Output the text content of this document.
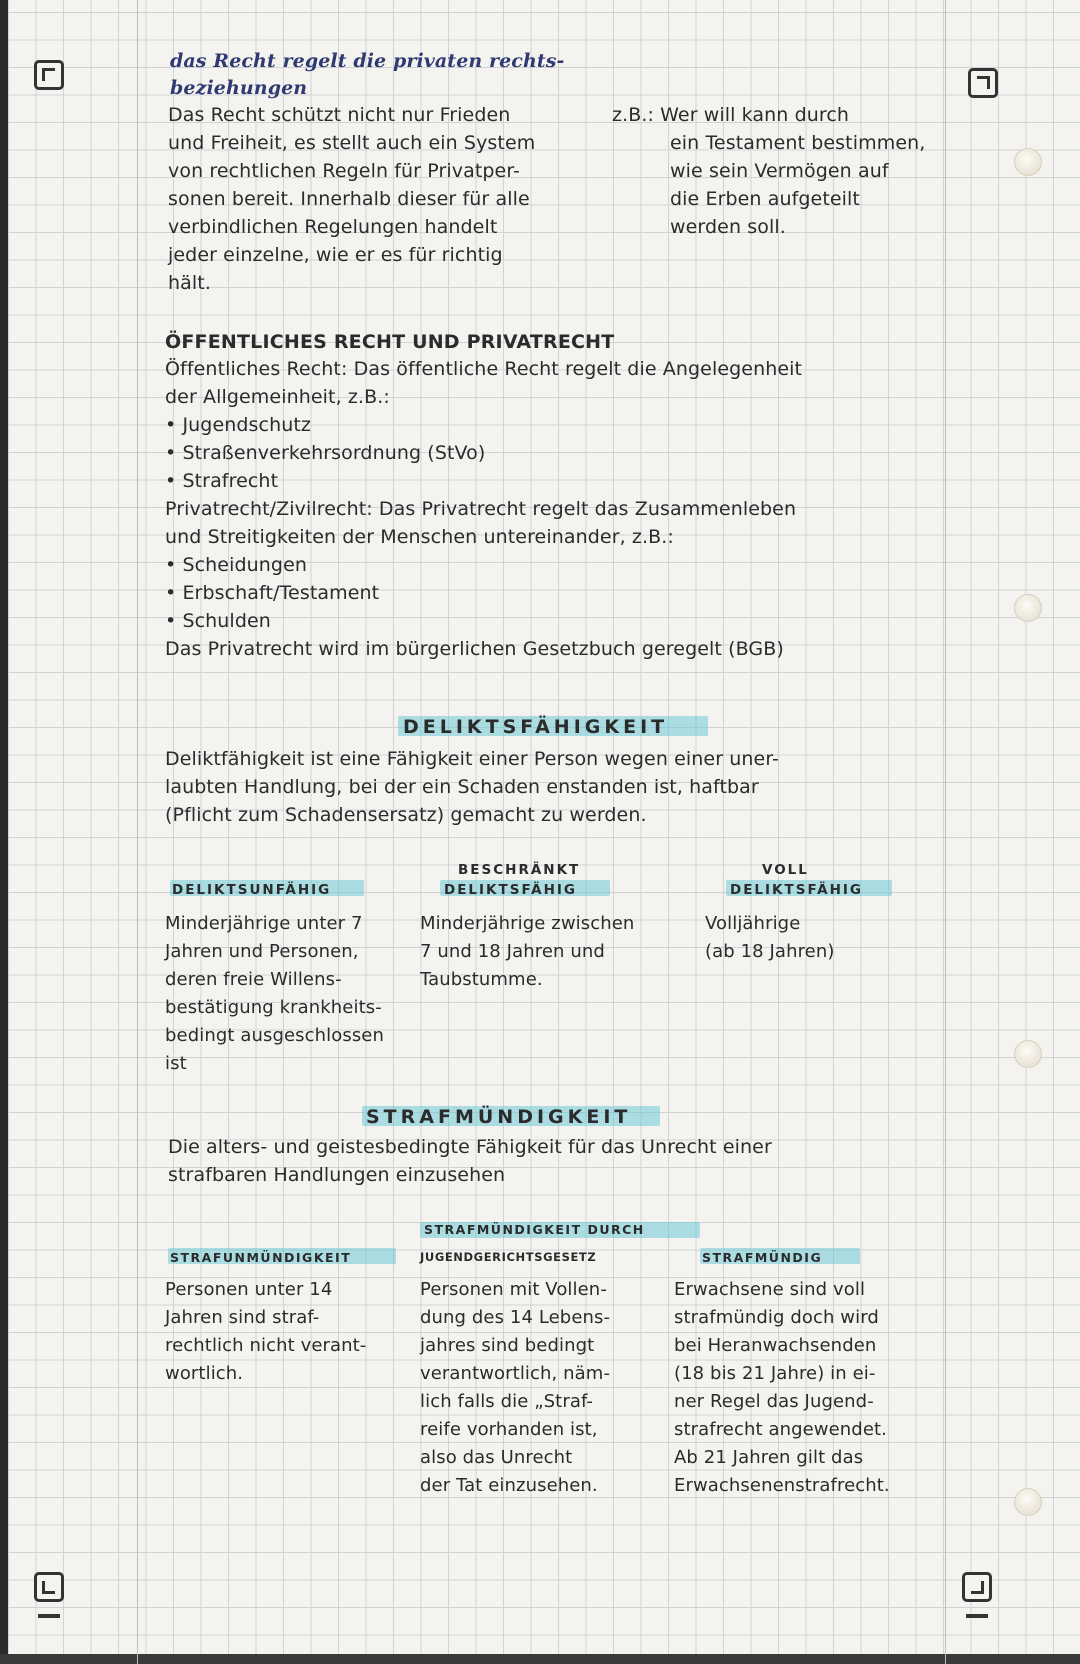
das Recht regelt die privaten rechts-
beziehungen
Das Recht schützt nicht nur Frieden
und Freiheit, es stellt auch ein System
von rechtlichen Regeln für Privatper-
sonen bereit. Innerhalb dieser für alle
verbindlichen Regelungen handelt
jeder einzelne, wie er es für richtig
hält.
z.B.: Wer will kann durch
ein Testament bestimmen,
wie sein Vermögen auf
die Erben aufgeteilt
werden soll.
ÖFFENTLICHES RECHT UND PRIVATRECHT
Öffentliches Recht: Das öffentliche Recht regelt die Angelegenheit
der Allgemeinheit, z.B.:
• Jugendschutz
• Straßenverkehrsordnung (StVo)
• Strafrecht
Privatrecht/Zivilrecht: Das Privatrecht regelt das Zusammenleben
und Streitigkeiten der Menschen untereinander, z.B.:
• Scheidungen
• Erbschaft/Testament
• Schulden
Das Privatrecht wird im bürgerlichen Gesetzbuch geregelt (BGB)
DELIKTSFÄHIGKEIT
Deliktfähigkeit ist eine Fähigkeit einer Person wegen einer uner-
laubten Handlung, bei der ein Schaden enstanden ist, haftbar
(Pflicht zum Schadensersatz) gemacht zu werden.
DELIKTSUNFÄHIG
Minderjährige unter 7
Jahren und Personen,
deren freie Willens-
bestätigung krankheits-
bedingt ausgeschlossen
ist
BESCHRÄNKT
DELIKTSFÄHIG
Minderjährige zwischen
7 und 18 Jahren und
Taubstumme.
VOLL
DELIKTSFÄHIG
Volljährige
(ab 18 Jahren)
STRAFMÜNDIGKEIT
Die alters- und geistesbedingte Fähigkeit für das Unrecht einer
strafbaren Handlungen einzusehen
STRAFUNMÜNDIGKEIT
Personen unter 14
Jahren sind straf-
rechtlich nicht verant-
wortlich.
STRAFMÜNDIGKEIT DURCH
JUGENDGERICHTSGESETZ
Personen mit Vollen-
dung des 14 Lebens-
jahres sind bedingt
verantwortlich, näm-
lich falls die „Straf-
reife vorhanden ist,
also das Unrecht
der Tat einzusehen.
STRAFMÜNDIG
Erwachsene sind voll
strafmündig doch wird
bei Heranwachsenden
(18 bis 21 Jahre) in ei-
ner Regel das Jugend-
strafrecht angewendet.
Ab 21 Jahren gilt das
Erwachsenenstrafrecht.
